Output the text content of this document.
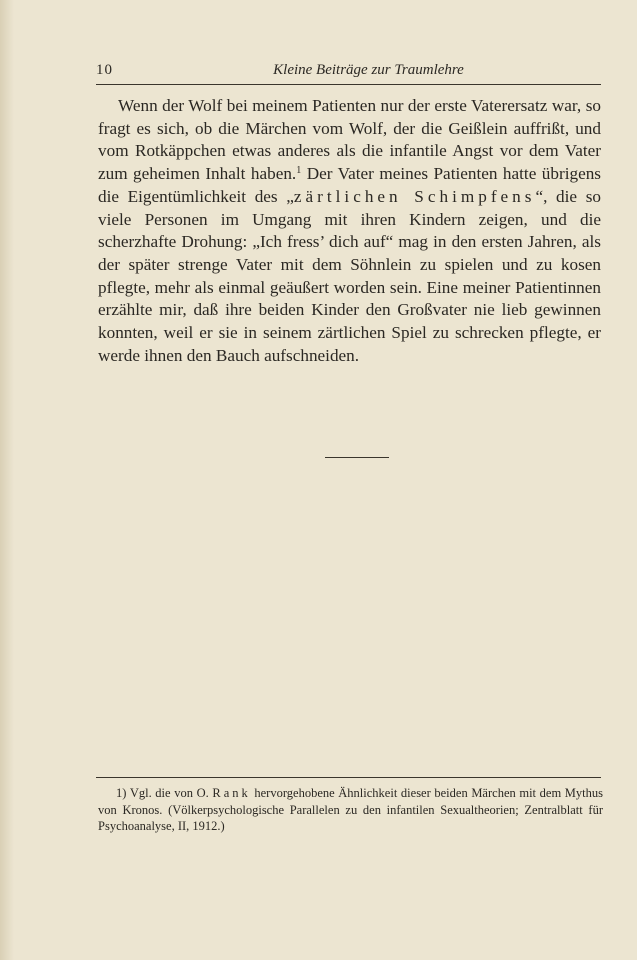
10	Kleine Beiträge zur Traumlehre

Wenn der Wolf bei meinem Patienten nur der erste Vaterersatz war, so fragt es sich, ob die Märchen vom Wolf, der die Geißlein auffrißt, und vom Rotkäppchen etwas anderes als die infantile Angst vor dem Vater zum geheimen Inhalt haben.$^1$ Der Vater meines Patienten hatte übrigens die Eigentümlichkeit des „zärtlichen Schimpfens“, die so viele Personen im Umgang mit ihren Kindern zeigen, und die scherzhafte Drohung: „Ich fress’ dich auf“ mag in den ersten Jahren, als der später strenge Vater mit dem Söhnlein zu spielen und zu kosen pflegte, mehr als einmal geäußert worden sein. Eine meiner Patientinnen erzählte mir, daß ihre beiden Kinder den Großvater nie lieb gewinnen konnten, weil er sie in seinem zärtlichen Spiel zu schrecken pflegte, er werde ihnen den Bauch aufschneiden.

1) Vgl. die von O. Rank hervorgehobene Ähnlichkeit dieser beiden Märchen mit dem Mythus von Kronos. (Völkerpsychologische Parallelen zu den infantilen Sexualtheorien; Zentralblatt für Psychoanalyse, II, 1912.)
